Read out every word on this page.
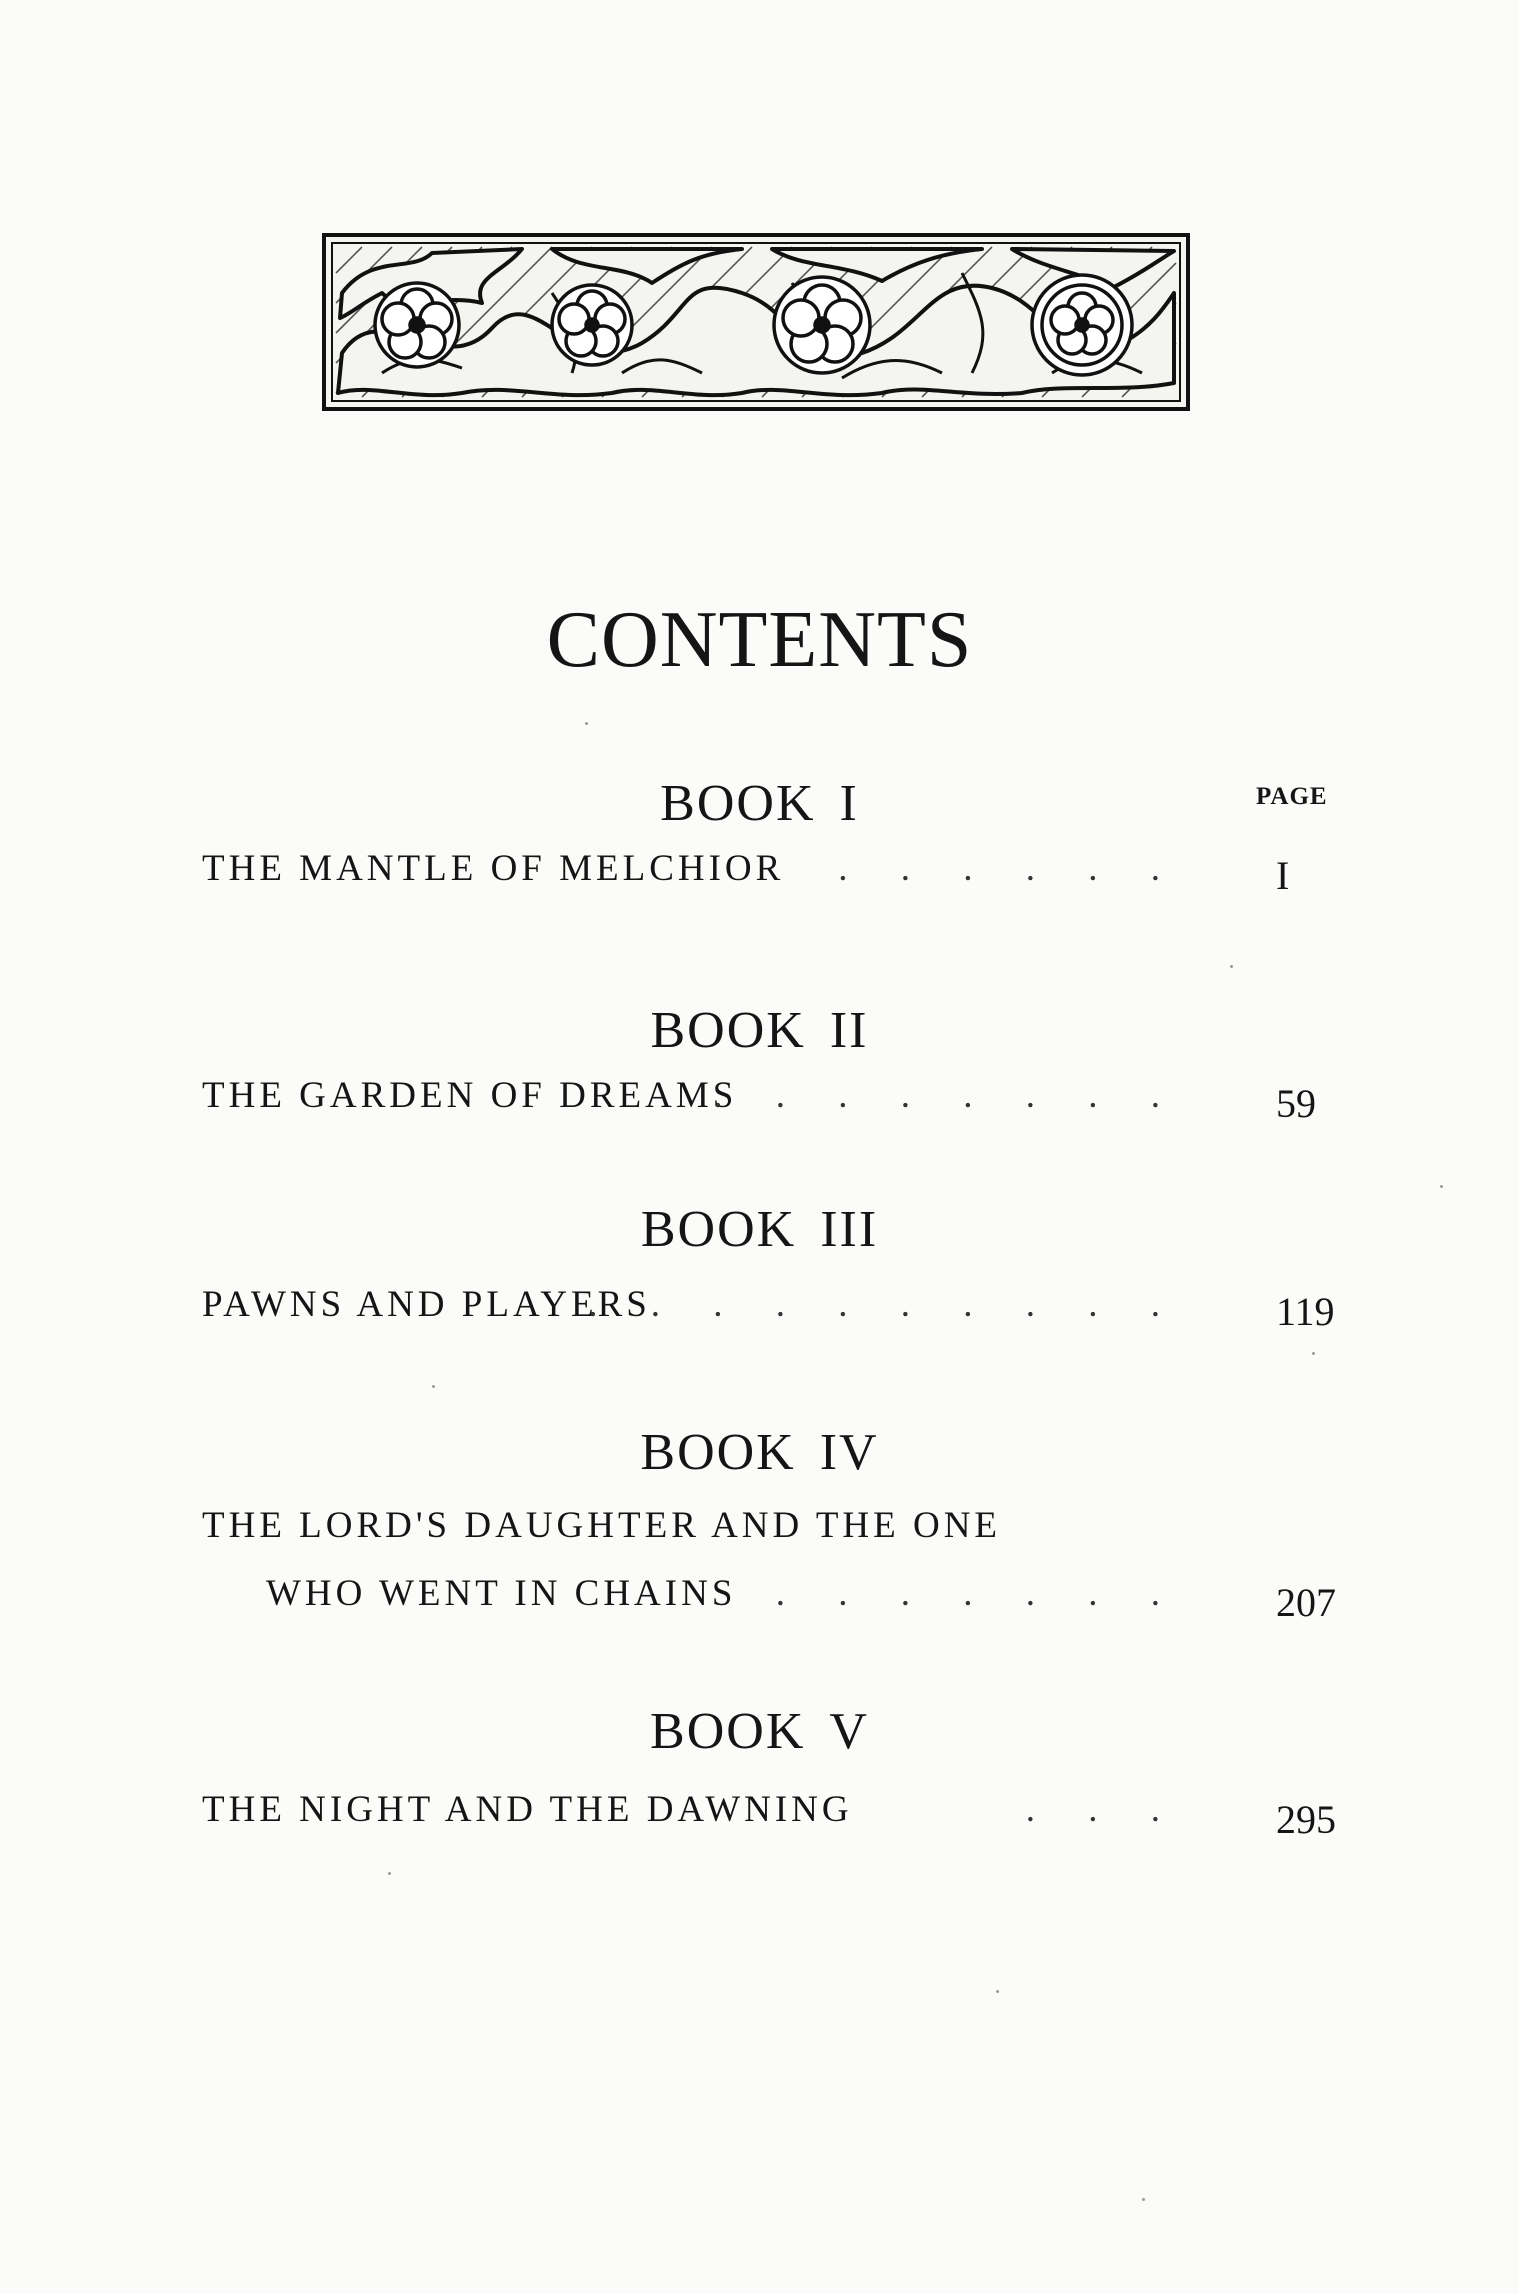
CONTENTS
PAGE
BOOK I
THE MANTLE OF MELCHIOR . . . . . . I
BOOK II
THE GARDEN OF DREAMS
. . . . . . . . 59
BOOK III
PAWNS AND PLAYERS
. . . . . . . . . . 119
BOOK IV
THE LORD'S DAUGHTER AND THE ONE
WHO WENT IN CHAINS . . . . . . . 207
BOOK V
THE NIGHT AND THE DAWNING	. . . 295
